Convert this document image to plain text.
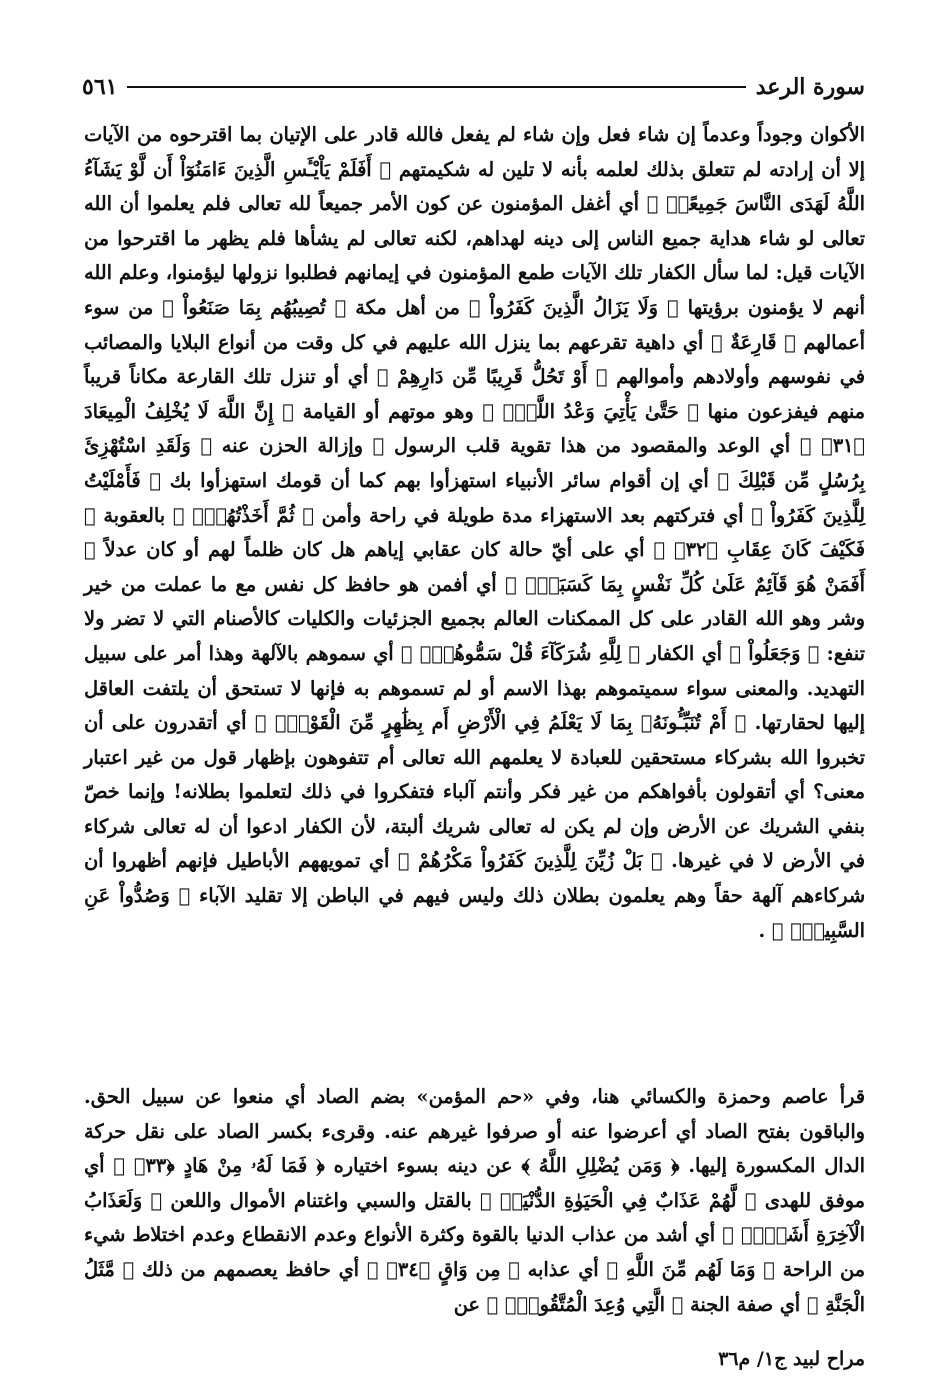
سورة الرعد
٥٦١

الأكوان وجوداً وعدماً إن شاء فعل وإن شاء لم يفعل فالله قادر على الإتيان بما اقترحوه من الآيات إلا أن إرادته لم تتعلق بذلك لعلمه بأنه لا تلين له شكيمتهم ﴿ أَفَلَمْ يَاْيْـَٔسِ الَّذِينَ ءَامَنُوٓاْ أَن لَّوْ يَشَآءُ اللَّهُ لَهَدَى النَّاسَ جَمِيعًاۗ ﴾ أي أغفل المؤمنون عن كون الأمر جميعاً لله تعالى فلم يعلموا أن الله تعالى لو شاء هداية جميع الناس إلى دينه لهداهم، لكنه تعالى لم يشأها فلم يظهر ما اقترحوا من الآيات قيل: لما سأل الكفار تلك الآيات طمع المؤمنون في إيمانهم فطلبوا نزولها ليؤمنوا، وعلم الله أنهم لا يؤمنون برؤيتها ﴿ وَلَا يَزَالُ الَّذِينَ كَفَرُواْ ﴾ من أهل مكة ﴿ تُصِيبُهُم بِمَا صَنَعُواْ ﴾ من سوء أعمالهم ﴿ قَارِعَةٌ ﴾ أي داهية تقرعهم بما ينزل الله عليهم في كل وقت من أنواع البلايا والمصائب في نفوسهم وأولادهم وأموالهم ﴿ أَوْ تَحُلُّ قَرِيبًا مِّن دَارِهِمْ ﴾ أي أو تنزل تلك القارعة مكاناً قريباً منهم فيفزعون منها ﴿ حَتَّىٰ يَأْتِيَ وَعْدُ اللَّهِۚ ﴾ وهو موتهم أو القيامة ﴿ إِنَّ اللَّهَ لَا يُخْلِفُ الْمِيعَادَ ﴿٣١﴾ ﴾ أي الوعد والمقصود من هذا تقوية قلب الرسول ﷺ وإزالة الحزن عنه ﴿ وَلَقَدِ اسْتُهْزِئَ بِرُسُلٍ مِّن قَبْلِكَ ﴾ أي إن أقوام سائر الأنبياء استهزأوا بهم كما أن قومك استهزأوا بك ﴿ فَأَمْلَيْتُ لِلَّذِينَ كَفَرُواْ ﴾ أي فتركتهم بعد الاستهزاء مدة طويلة في راحة وأمن ﴿ ثُمَّ أَخَذْتُهُمْۖ ﴾ بالعقوبة ﴿ فَكَيْفَ كَانَ عِقَابِ ﴿٣٢﴾ ﴾ أي على أيّ حالة كان عقابي إياهم هل كان ظلماً لهم أو كان عدلاً ﴿ أَفَمَنْ هُوَ قَآئِمٌ عَلَىٰ كُلِّ نَفْسٍ بِمَا كَسَبَتْۗ ﴾ أي أفمن هو حافظ كل نفس مع ما عملت من خير وشر وهو الله القادر على كل الممكنات العالم بجميع الجزئيات والكليات كالأصنام التي لا تضر ولا تنفع: ﴿ وَجَعَلُواْ ﴾ أي الكفار ﴿ لِلَّهِ شُرَكَآءَ قُلْ سَمُّوهُمْۚ ﴾ أي سموهم بالآلهة وهذا أمر على سبيل التهديد. والمعنى سواء سميتموهم بهذا الاسم أو لم تسموهم به فإنها لا تستحق أن يلتفت العاقل إليها لحقارتها. ﴿ أَمْ تُنَبِّـُٔونَهُۥ بِمَا لَا يَعْلَمُ فِي الْأَرْضِ أَم بِظَٰهِرٍ مِّنَ الْقَوْلِۗ ﴾ أي أتقدرون على أن تخبروا الله بشركاء مستحقين للعبادة لا يعلمهم الله تعالى أم تتفوهون بإظهار قول من غير اعتبار معنى؟ أي أتقولون بأفواهكم من غير فكر وأنتم آلباء فتفكروا في ذلك لتعلموا بطلانه! وإنما خصّ بنفي الشريك عن الأرض وإن لم يكن له تعالى شريك ألبتة، لأن الكفار ادعوا أن له تعالى شركاء في الأرض لا في غيرها. ﴿ بَلْ زُيِّنَ لِلَّذِينَ كَفَرُواْ مَكْرُهُمْ ﴾ أي تمويههم الأباطيل فإنهم أظهروا أن شركاءهم آلهة حقاً وهم يعلمون بطلان ذلك وليس فيهم في الباطن إلا تقليد الآباء ﴿ وَصُدُّواْ عَنِ السَّبِيلِۗ ﴾ .

قرأ عاصم وحمزة والكسائي هنا، وفي «حم المؤمن» بضم الصاد أي منعوا عن سبيل الحق. والباقون بفتح الصاد أي أعرضوا عنه أو صرفوا غيرهم عنه. وقرىء بكسر الصاد على نقل حركة الدال المكسورة إليها. ﴿ وَمَن يُضْلِلِ اللَّهُ ﴾ عن دينه بسوء اختياره ﴿ فَمَا لَهُۥ مِنْ هَادٍ ﴿٣٣﴾ ﴾ أي موفق للهدى ﴿ لَّهُمْ عَذَابٌ فِي الْحَيَوٰةِ الدُّنْيَاۖ ﴾ بالقتل والسبي واغتنام الأموال واللعن ﴿ وَلَعَذَابُ الْآخِرَةِ أَشَقُّۖ ﴾ أي أشد من عذاب الدنيا بالقوة وكثرة الأنواع وعدم الانقطاع وعدم اختلاط شيء من الراحة ﴿ وَمَا لَهُم مِّنَ اللَّهِ ﴾ أي عذابه ﴿ مِن وَاقٍ ﴿٣٤﴾ ﴾ أي حافظ يعصمهم من ذلك ﴿ مَّثَلُ الْجَنَّةِ ﴾ أي صفة الجنة ﴿ الَّتِي وُعِدَ الْمُتَّقُونَۖ ﴾ عن

مراح لبيد ج١/ م٣٦
